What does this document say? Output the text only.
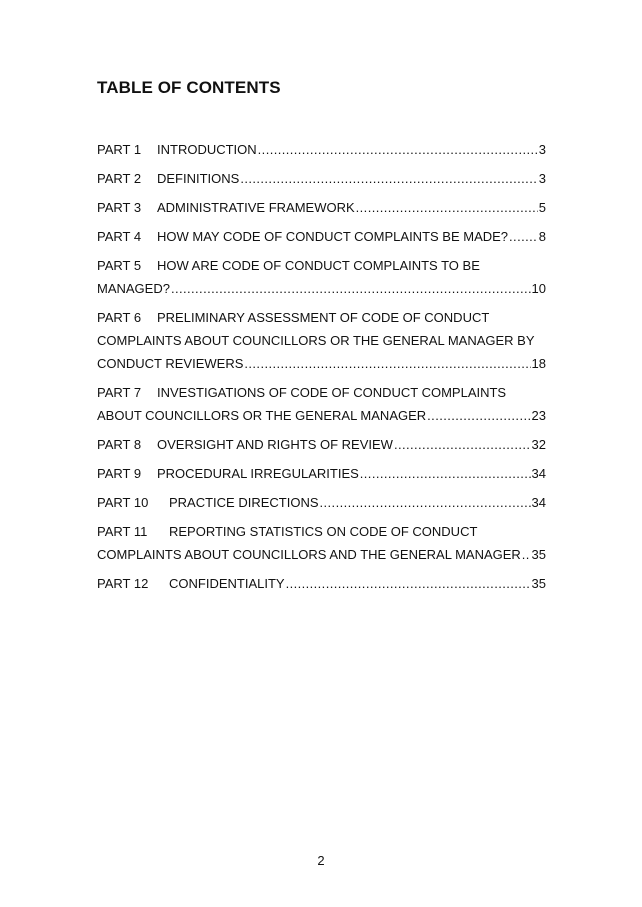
TABLE OF CONTENTS
PART 1 INTRODUCTION .....	3
PART 2 DEFINITIONS .....	3
PART 3 ADMINISTRATIVE FRAMEWORK .....	5
PART 4 HOW MAY CODE OF CONDUCT COMPLAINTS BE MADE? ..... 8
PART 5 HOW ARE CODE OF CONDUCT COMPLAINTS TO BE
MANAGED? .....	10
PART 6 PRELIMINARY ASSESSMENT OF CODE OF CONDUCT
COMPLAINTS ABOUT COUNCILLORS OR THE GENERAL MANAGER BY
CONDUCT REVIEWERS .....	18
PART 7 INVESTIGATIONS OF CODE OF CONDUCT COMPLAINTS
ABOUT COUNCILLORS OR THE GENERAL MANAGER .....	23
PART 8 OVERSIGHT AND RIGHTS OF REVIEW .....	32
PART 9 PROCEDURAL IRREGULARITIES .....	34
PART 10 PRACTICE DIRECTIONS .....	34
PART 11 REPORTING STATISTICS ON CODE OF CONDUCT
COMPLAINTS ABOUT COUNCILLORS AND THE GENERAL MANAGER ..... 35
PART 12 CONFIDENTIALITY .....	35
2
